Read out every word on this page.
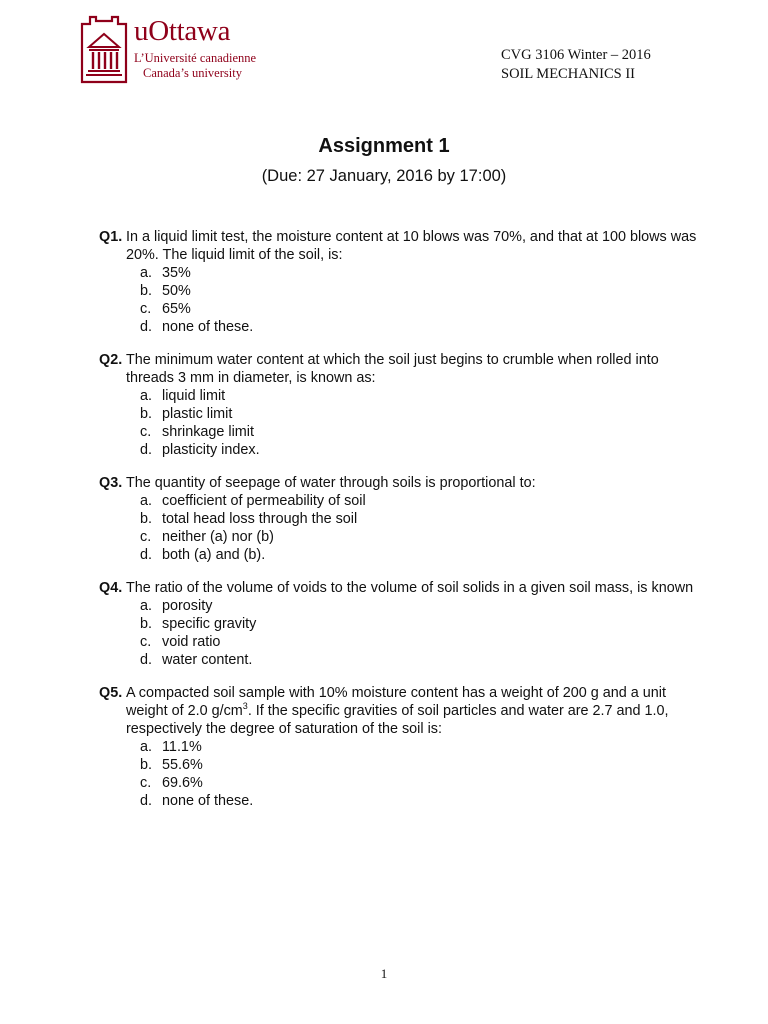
uOttawa
L’Université canadienne
Canada’s university
CVG 3106 Winter – 2016
SOIL MECHANICS II
Assignment 1
(Due: 27 January, 2016 by 17:00)
Q1. In a liquid limit test, the moisture content at 10 blows was 70%, and that at 100 blows was 20%. The liquid limit of the soil, is:
a. 35%
b. 50%
c. 65%
d. none of these.
Q2. The minimum water content at which the soil just begins to crumble when rolled into threads 3 mm in diameter, is known as:
a. liquid limit
b. plastic limit
c. shrinkage limit
d. plasticity index.
Q3. The quantity of seepage of water through soils is proportional to:
a. coefficient of permeability of soil
b. total head loss through the soil
c. neither (a) nor (b)
d. both (a) and (b).
Q4. The ratio of the volume of voids to the volume of soil solids in a given soil mass, is known
a. porosity
b. specific gravity
c. void ratio
d. water content.
Q5. A compacted soil sample with 10% moisture content has a weight of 200 g and a unit weight of 2.0 $g/cm^3$. If the specific gravities of soil particles and water are 2.7 and 1.0, respectively the degree of saturation of the soil is:
a. 11.1%
b. 55.6%
c. 69.6%
d. none of these.
1
